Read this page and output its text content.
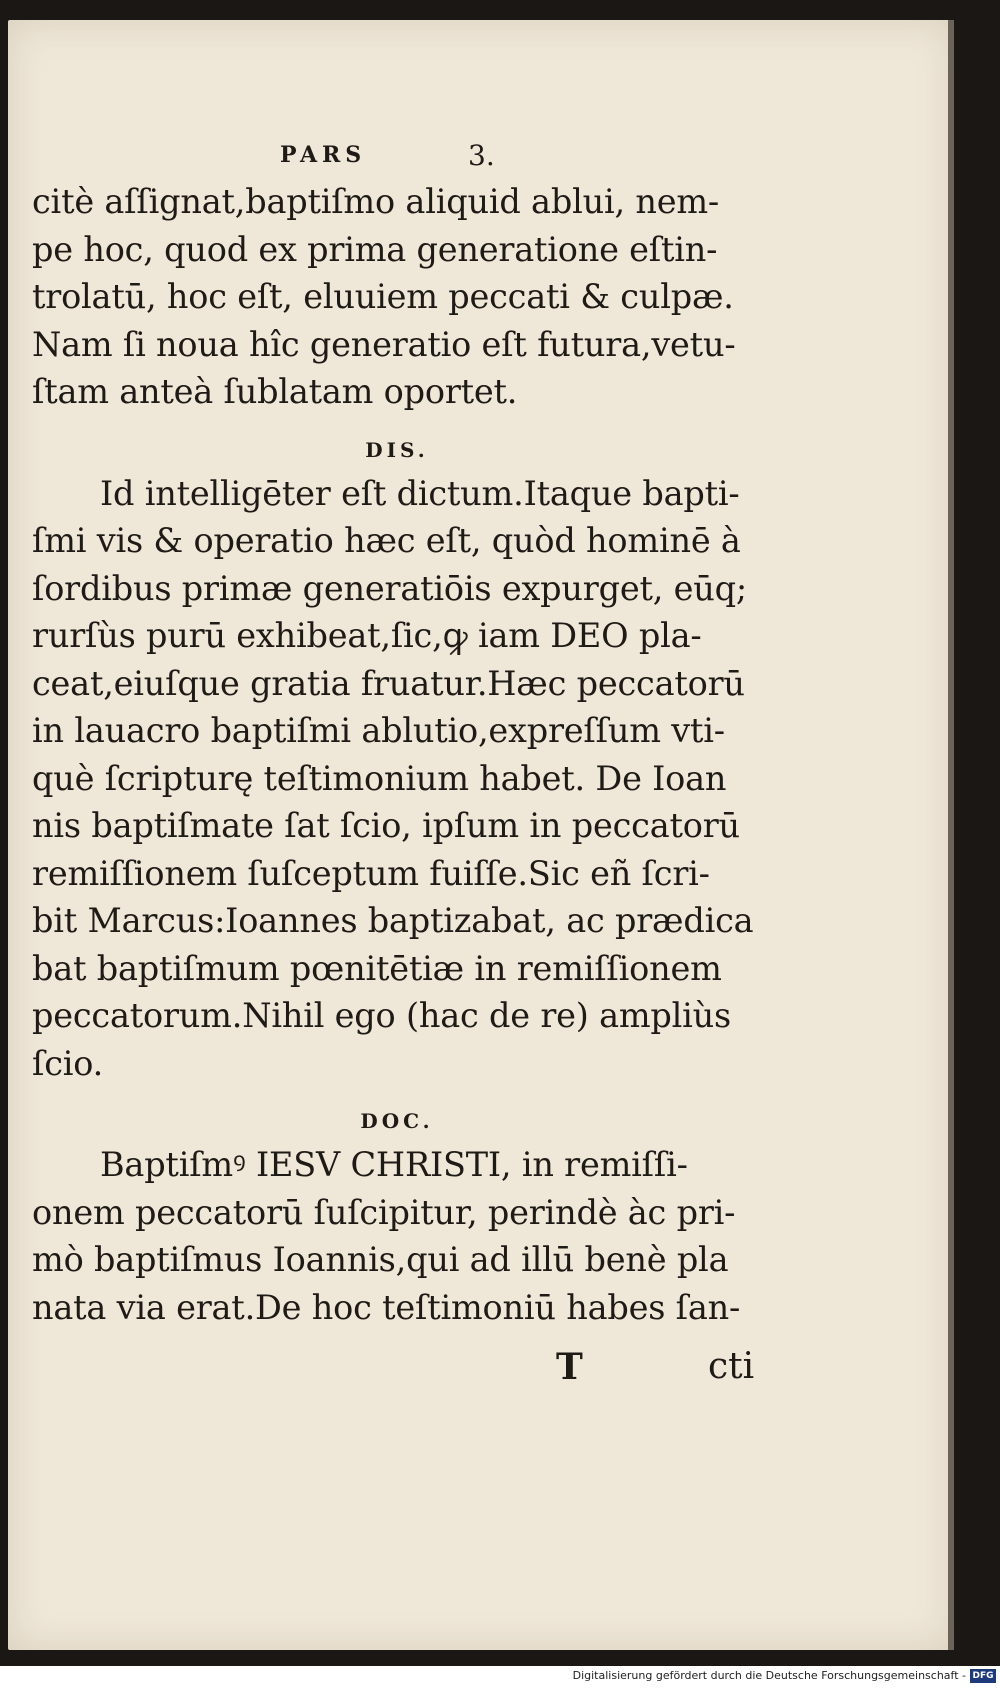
PARS	3.
citè aſſignat,baptiſmo aliquid ablui, nem-
pe hoc, quod ex prima generatione eſtin-
trolatū, hoc eſt, eluuiem peccati & culpæ.
Nam ſi noua hîc generatio eſt futura,vetu-
ſtam anteà ſublatam oportet.
DIS.
Id intelligēter eſt dictum.Itaque bapti-
ſmi vis & operatio hæc eſt, quòd hominē à
ſordibus primæ generatiōis expurget, eūq;
rurſùs purū exhibeat,ſic,ꝙ iam DEO pla-
ceat,eiuſque gratia fruatur.Hæc peccatorū
in lauacro baptiſmi ablutio,expreſſum vti-
què ſcripturę teſtimonium habet. De Ioan
nis baptiſmate ſat ſcio, ipſum in peccatorū
remiſſionem ſuſceptum fuiſſe.Sic eñ ſcri-
bit Marcus:Ioannes baptizabat, ac prædica
bat baptiſmum pœnitētiæ in remiſſionem
peccatorum.Nihil ego (hac de re) ampliùs
ſcio.
DOC.
Baptiſmꝰ IESV CHRISTI, in remiſſi-
onem peccatorū ſuſcipitur, perindè àc pri-
mò baptiſmus Ioannis,qui ad illū benè pla
nata via erat.De hoc teſtimoniū habes ſan-
T	cti
Digitalisierung gefördert durch die Deutsche Forschungsgemeinschaft - DFG
